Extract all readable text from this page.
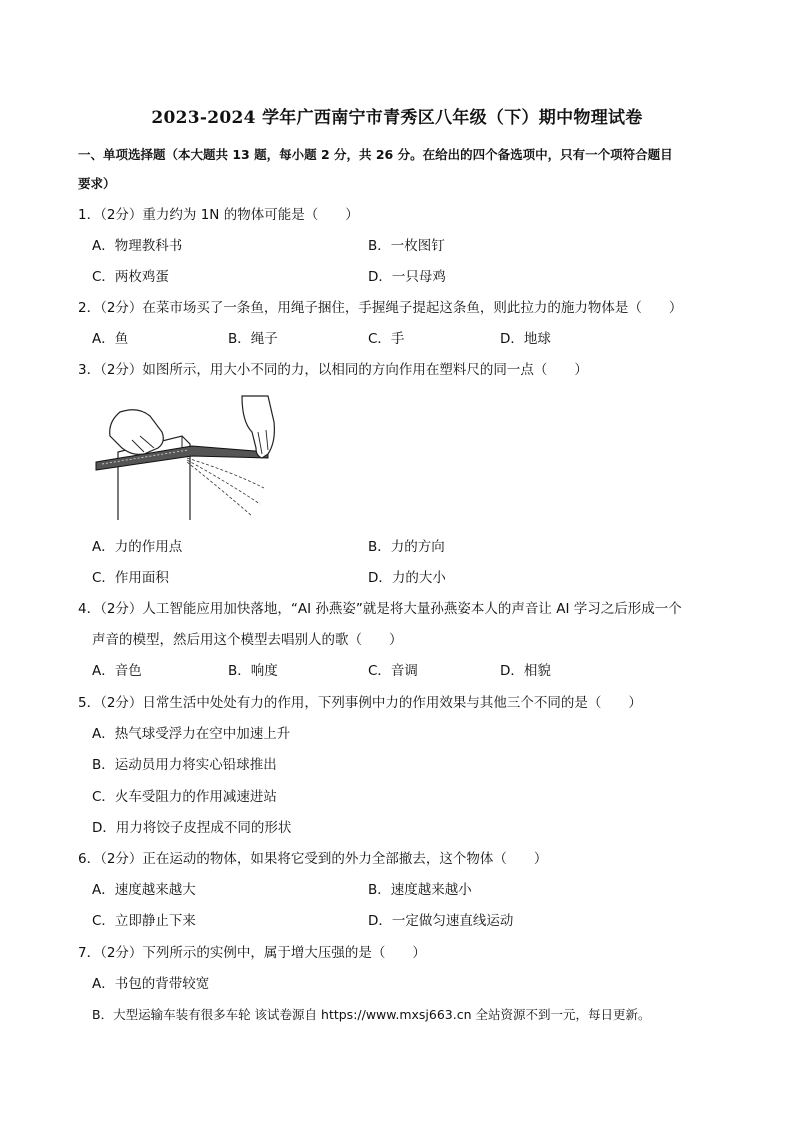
2023-2024 学年广西南宁市青秀区八年级（下）期中物理试卷
一、单项选择题（本大题共 13 题，每小题 2 分，共 26 分。在给出的四个备选项中，只有一个项符合题目
要求）
1．（2分）重力约为 1N 的物体可能是（　　）
A．物理教科书	B．一枚图钉
C．两枚鸡蛋	D．一只母鸡
2．（2分）在菜市场买了一条鱼，用绳子捆住，手握绳子提起这条鱼，则此拉力的施力物体是（　　）
A．鱼	B．绳子	C．手	D．地球
3．（2分）如图所示，用大小不同的力，以相同的方向作用在塑料尺的同一点（　　）
A．力的作用点	B．力的方向
C．作用面积	D．力的大小
4．（2分）人工智能应用加快落地，“AI 孙燕姿”就是将大量孙燕姿本人的声音让 AI 学习之后形成一个
声音的模型，然后用这个模型去唱别人的歌（　　）
A．音色	B．响度	C．音调	D．相貌
5．（2分）日常生活中处处有力的作用，下列事例中力的作用效果与其他三个不同的是（　　）
A．热气球受浮力在空中加速上升
B．运动员用力将实心铅球推出
C．火车受阻力的作用减速进站
D．用力将饺子皮捏成不同的形状
6．（2分）正在运动的物体，如果将它受到的外力全部撤去，这个物体（　　）
A．速度越来越大	B．速度越来越小
C．立即静止下来	D．一定做匀速直线运动
7．（2分）下列所示的实例中，属于增大压强的是（　　）
A．书包的背带较宽
B．大型运输车装有很多车轮 该试卷源自 https://www.mxsj663.cn 全站资源不到一元，每日更新。
